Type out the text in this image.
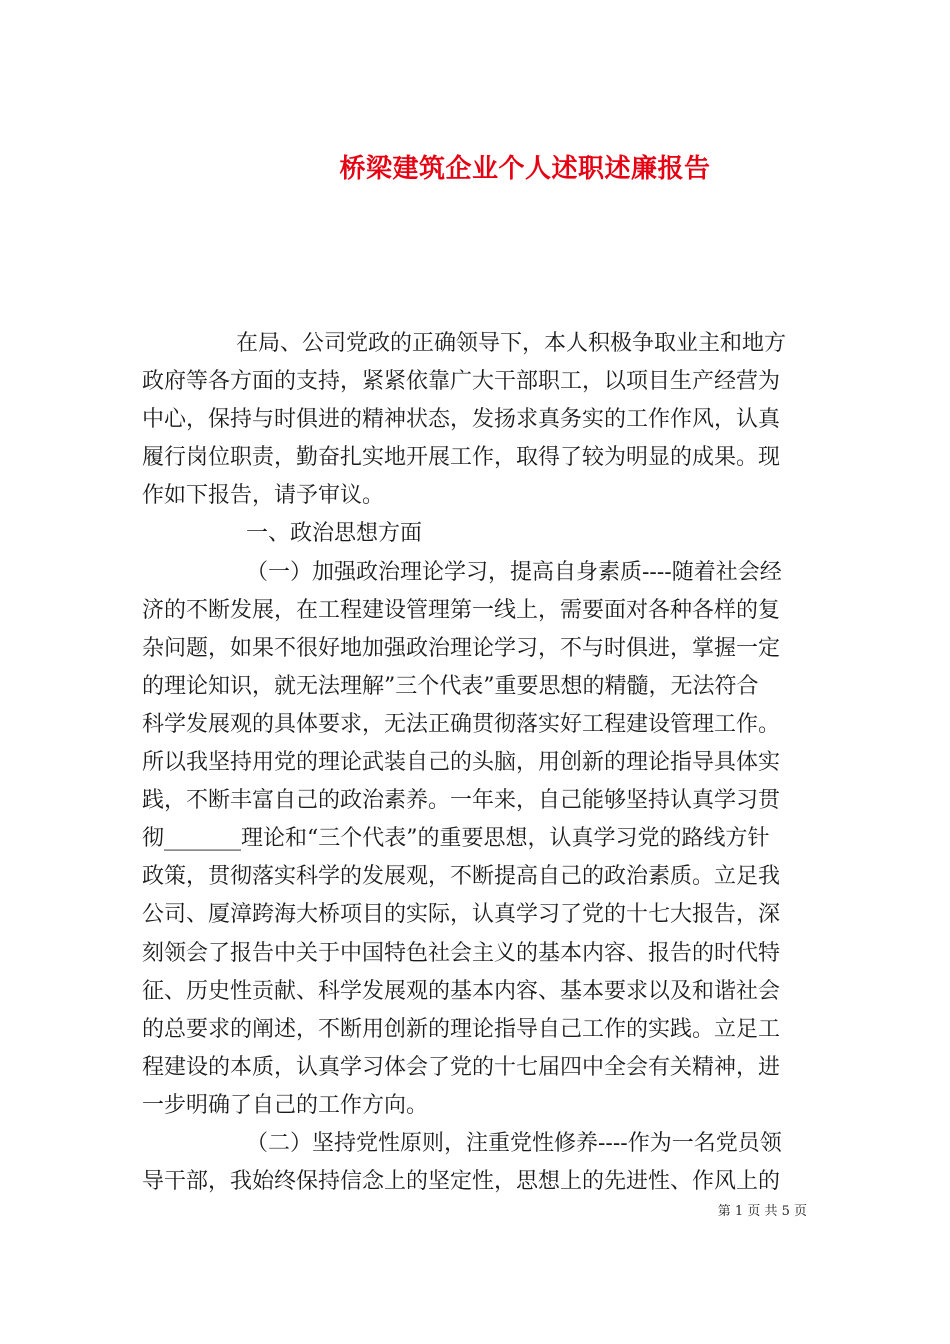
桥梁建筑企业个人述职述廉报告
在局、公司党政的正确领导下，本人积极争取业主和地方
政府等各方面的支持，紧紧依靠广大干部职工，以项目生产经营为
中心，保持与时俱进的精神状态，发扬求真务实的工作作风，认真
履行岗位职责，勤奋扎实地开展工作，取得了较为明显的成果。现
作如下报告，请予审议。
一、政治思想方面
（一）加强政治理论学习，提高自身素质----随着社会经
济的不断发展，在工程建设管理第一线上，需要面对各种各样的复
杂问题，如果不很好地加强政治理论学习，不与时俱进，掌握一定
的理论知识，就无法理解”三个代表”重要思想的精髓，无法符合
科学发展观的具体要求，无法正确贯彻落实好工程建设管理工作。
所以我坚持用党的理论武装自己的头脑，用创新的理论指导具体实
践，不断丰富自己的政治素养。一年来，自己能够坚持认真学习贯
彻_______理论和“三个代表”的重要思想，认真学习党的路线方针
政策，贯彻落实科学的发展观，不断提高自己的政治素质。立足我
公司、厦漳跨海大桥项目的实际，认真学习了党的十七大报告，深
刻领会了报告中关于中国特色社会主义的基本内容、报告的时代特
征、历史性贡献、科学发展观的基本内容、基本要求以及和谐社会
的总要求的阐述，不断用创新的理论指导自己工作的实践。立足工
程建设的本质，认真学习体会了党的十七届四中全会有关精神，进
一步明确了自己的工作方向。
（二）坚持党性原则，注重党性修养----作为一名党员领
导干部，我始终保持信念上的坚定性，思想上的先进性、作风上的
第 1 页 共 5 页
